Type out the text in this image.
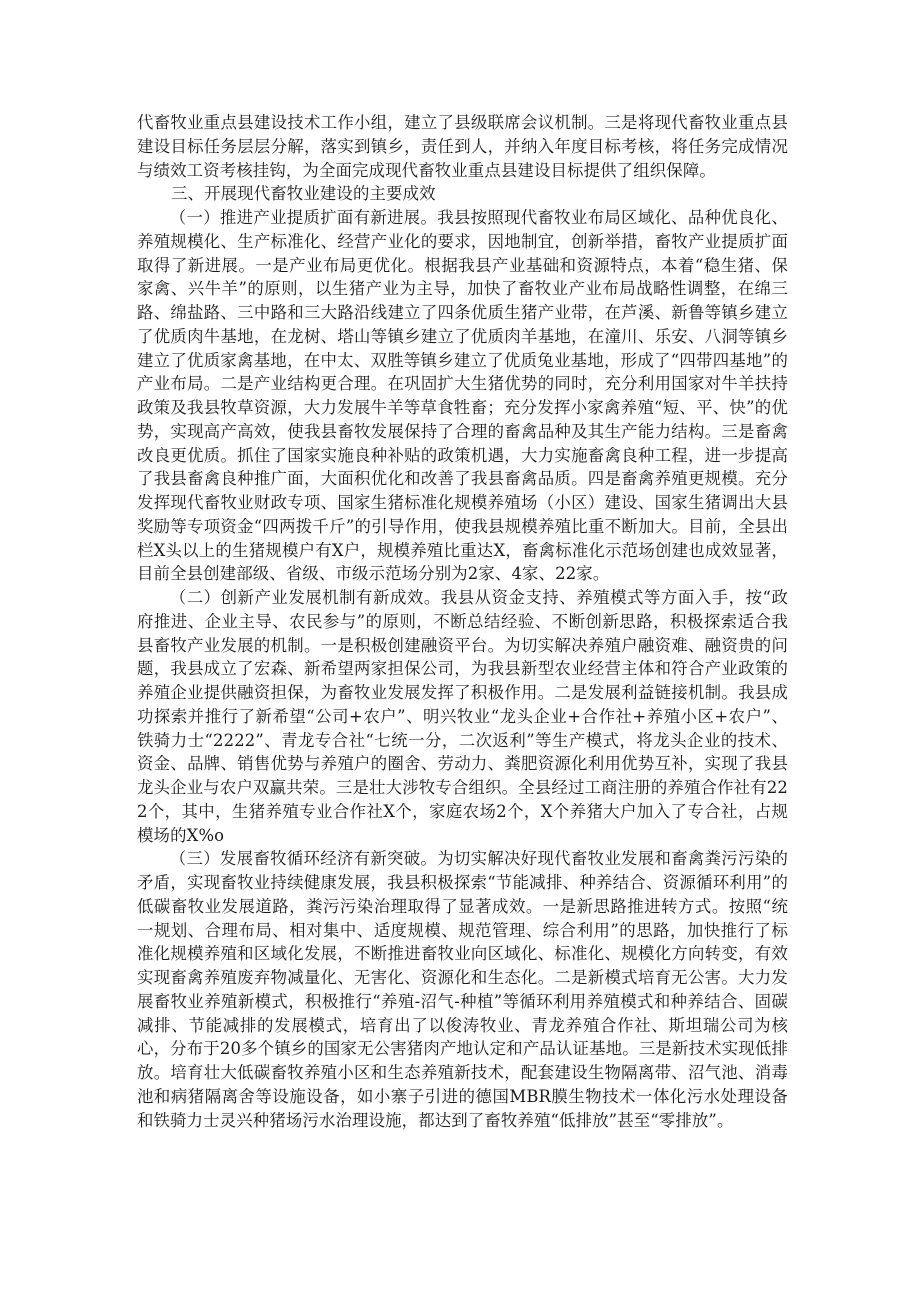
代畜牧业重点县建设技术工作小组，建立了县级联席会议机制。三是将现代畜牧业重点县建设目标任务层层分解，落实到镇乡，责任到人，并纳入年度目标考核，将任务完成情况与绩效工资考核挂钩，为全面完成现代畜牧业重点县建设目标提供了组织保障。

三、开展现代畜牧业建设的主要成效

（一）推进产业提质扩面有新进展。我县按照现代畜牧业布局区域化、品种优良化、养殖规模化、生产标准化、经营产业化的要求，因地制宜，创新举措，畜牧产业提质扩面取得了新进展。一是产业布局更优化。根据我县产业基础和资源特点，本着“稳生猪、保家禽、兴牛羊”的原则，以生猪产业为主导，加快了畜牧业产业布局战略性调整，在绵三路、绵盐路、三中路和三大路沿线建立了四条优质生猪产业带，在芦溪、新鲁等镇乡建立了优质肉牛基地，在龙树、塔山等镇乡建立了优质肉羊基地，在潼川、乐安、八洞等镇乡建立了优质家禽基地，在中太、双胜等镇乡建立了优质兔业基地，形成了“四带四基地”的产业布局。二是产业结构更合理。在巩固扩大生猪优势的同时，充分利用国家对牛羊扶持政策及我县牧草资源，大力发展牛羊等草食牲畜；充分发挥小家禽养殖“短、平、快”的优势，实现高产高效，使我县畜牧发展保持了合理的畜禽品种及其生产能力结构。三是畜禽改良更优质。抓住了国家实施良种补贴的政策机遇，大力实施畜禽良种工程，进一步提高了我县畜禽良种推广面，大面积优化和改善了我县畜禽品质。四是畜禽养殖更规模。充分发挥现代畜牧业财政专项、国家生猪标准化规模养殖场（小区）建设、国家生猪调出大县奖励等专项资金“四两拨千斤”的引导作用，使我县规模养殖比重不断加大。目前，全县出栏X头以上的生猪规模户有X户，规模养殖比重达X，畜禽标准化示范场创建也成效显著，目前全县创建部级、省级、市级示范场分别为2家、4家、22家。

（二）创新产业发展机制有新成效。我县从资金支持、养殖模式等方面入手，按“政府推进、企业主导、农民参与”的原则，不断总结经验、不断创新思路，积极探索适合我县畜牧产业发展的机制。一是积极创建融资平台。为切实解决养殖户融资难、融资贵的问题，我县成立了宏森、新希望两家担保公司，为我县新型农业经营主体和符合产业政策的养殖企业提供融资担保，为畜牧业发展发挥了积极作用。二是发展利益链接机制。我县成功探索并推行了新希望“公司+农户”、明兴牧业“龙头企业+合作社+养殖小区+农户”、铁骑力士“2222”、青龙专合社“七统一分，二次返利”等生产模式，将龙头企业的技术、资金、品牌、销售优势与养殖户的圈舍、劳动力、粪肥资源化利用优势互补，实现了我县龙头企业与农户双赢共荣。三是壮大涉牧专合组织。全县经过工商注册的养殖合作社有222个，其中，生猪养殖专业合作社X个，家庭农场2个，X个养猪大户加入了专合社，占规模场的X%o

（三）发展畜牧循环经济有新突破。为切实解决好现代畜牧业发展和畜禽粪污污染的矛盾，实现畜牧业持续健康发展，我县积极探索“节能减排、种养结合、资源循环利用”的低碳畜牧业发展道路，粪污污染治理取得了显著成效。一是新思路推进转方式。按照“统一规划、合理布局、相对集中、适度规模、规范管理、综合利用”的思路，加快推行了标准化规模养殖和区域化发展，不断推进畜牧业向区域化、标准化、规模化方向转变，有效实现畜禽养殖废弃物减量化、无害化、资源化和生态化。二是新模式培育无公害。大力发展畜牧业养殖新模式，积极推行“养殖-沼气-种植”等循环利用养殖模式和种养结合、固碳减排、节能减排的发展模式，培育出了以俊涛牧业、青龙养殖合作社、斯坦瑞公司为核心，分布于20多个镇乡的国家无公害猪肉产地认定和产品认证基地。三是新技术实现低排放。培育壮大低碳畜牧养殖小区和生态养殖新技术，配套建设生物隔离带、沼气池、消毒池和病猪隔离舍等设施设备，如小寨子引进的德国MBR膜生物技术一体化污水处理设备和铁骑力士灵兴种猪场污水治理设施，都达到了畜牧养殖“低排放”甚至“零排放”。
